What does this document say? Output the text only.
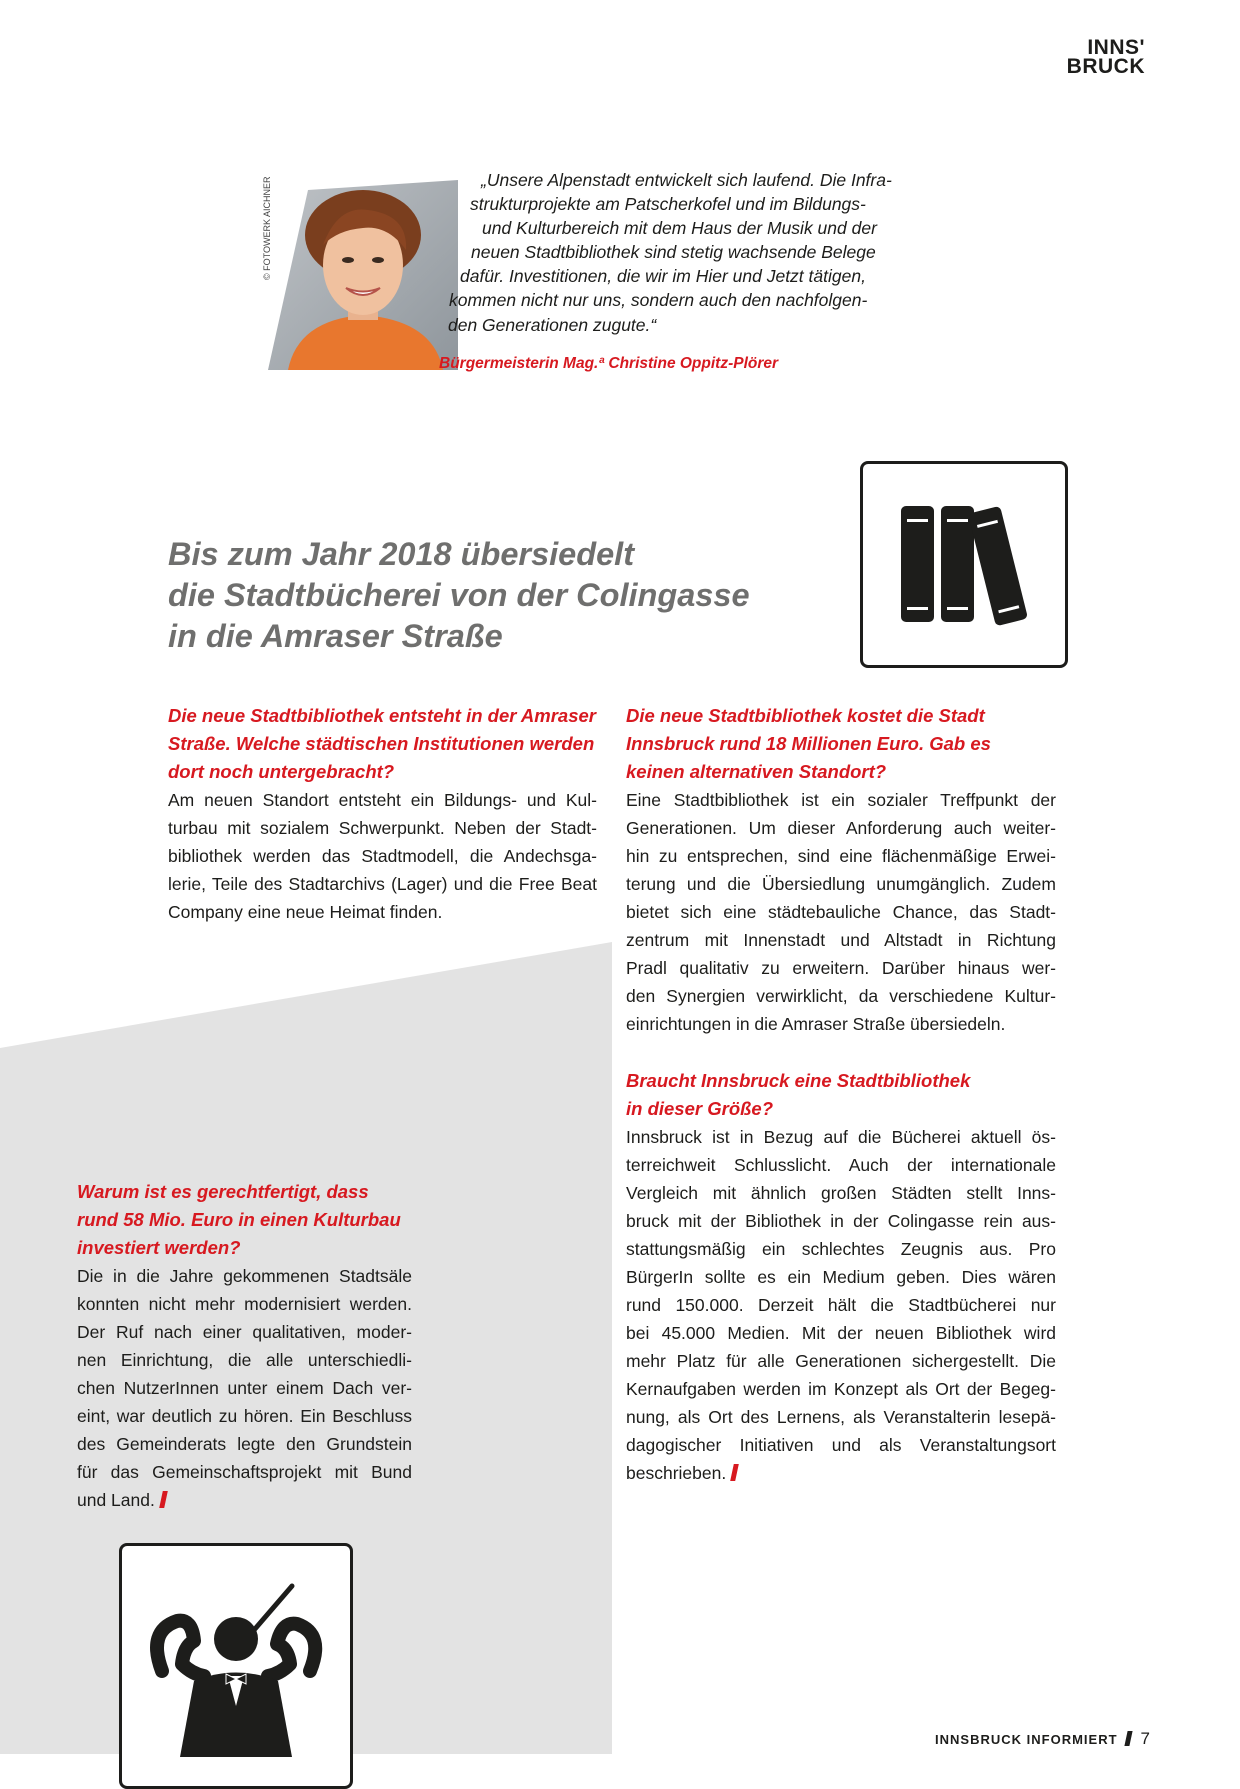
INNS'
BRUCK
© FOTOWERK AICHNER	„Unsere Alpenstadt entwickelt sich laufend. Die Infra-
strukturprojekte am Patscherkofel und im Bildungs-
und Kulturbereich mit dem Haus der Musik und der
neuen Stadtbibliothek sind stetig wachsende Belege
dafür. Investitionen, die wir im Hier und Jetzt tätigen,
kommen nicht nur uns, sondern auch den nachfolgen-
den Generationen zugute.“
Bürgermeisterin Mag.ª Christine Oppitz-Plörer
Bis zum Jahr 2018 übersiedelt
die Stadtbücherei von der Colingasse
in die Amraser Straße
Die neue Stadtbibliothek entsteht in der Amraser
Straße. Welche städtischen Institutionen werden
dort noch untergebracht?
Am neuen Standort entsteht ein Bildungs- und Kul-
turbau mit sozialem Schwerpunkt. Neben der Stadt-
bibliothek werden das Stadtmodell, die Andechsga-
lerie, Teile des Stadtarchivs (Lager) und die Free Beat
Company eine neue Heimat finden.
Die neue Stadtbibliothek kostet die Stadt
Innsbruck rund 18 Millionen Euro. Gab es
keinen alternativen Standort?
Eine Stadtbibliothek ist ein sozialer Treffpunkt der
Generationen. Um dieser Anforderung auch weiter-
hin zu entsprechen, sind eine flächenmäßige Erwei-
terung und die Übersiedlung unumgänglich. Zudem
bietet sich eine städtebauliche Chance, das Stadt-
zentrum mit Innenstadt und Altstadt in Richtung
Pradl qualitativ zu erweitern. Darüber hinaus wer-
den Synergien verwirklicht, da verschiedene Kultur-
einrichtungen in die Amraser Straße übersiedeln.
Braucht Innsbruck eine Stadtbibliothek
in dieser Größe?
Innsbruck ist in Bezug auf die Bücherei aktuell ös-
terreichweit Schlusslicht. Auch der internationale
Vergleich mit ähnlich großen Städten stellt Inns-
bruck mit der Bibliothek in der Colingasse rein aus-
stattungsmäßig ein schlechtes Zeugnis aus. Pro
BürgerIn sollte es ein Medium geben. Dies wären
rund 150.000. Derzeit hält die Stadtbücherei nur
bei 45.000 Medien. Mit der neuen Bibliothek wird
mehr Platz für alle Generationen sichergestellt. Die
Kernaufgaben werden im Konzept als Ort der Begeg-
nung, als Ort des Lernens, als Veranstalterin lesepä-
dagogischer Initiativen und als Veranstaltungsort
beschrieben.
Warum ist es gerechtfertigt, dass
rund 58 Mio. Euro in einen Kulturbau
investiert werden?
Die in die Jahre gekommenen Stadtsäle
konnten nicht mehr modernisiert werden.
Der Ruf nach einer qualitativen, moder-
nen Einrichtung, die alle unterschiedli-
chen NutzerInnen unter einem Dach ver-
eint, war deutlich zu hören. Ein Beschluss
des Gemeinderats legte den Grundstein
für das Gemeinschaftsprojekt mit Bund
und Land.
INNSBRUCK INFORMIERT 7
